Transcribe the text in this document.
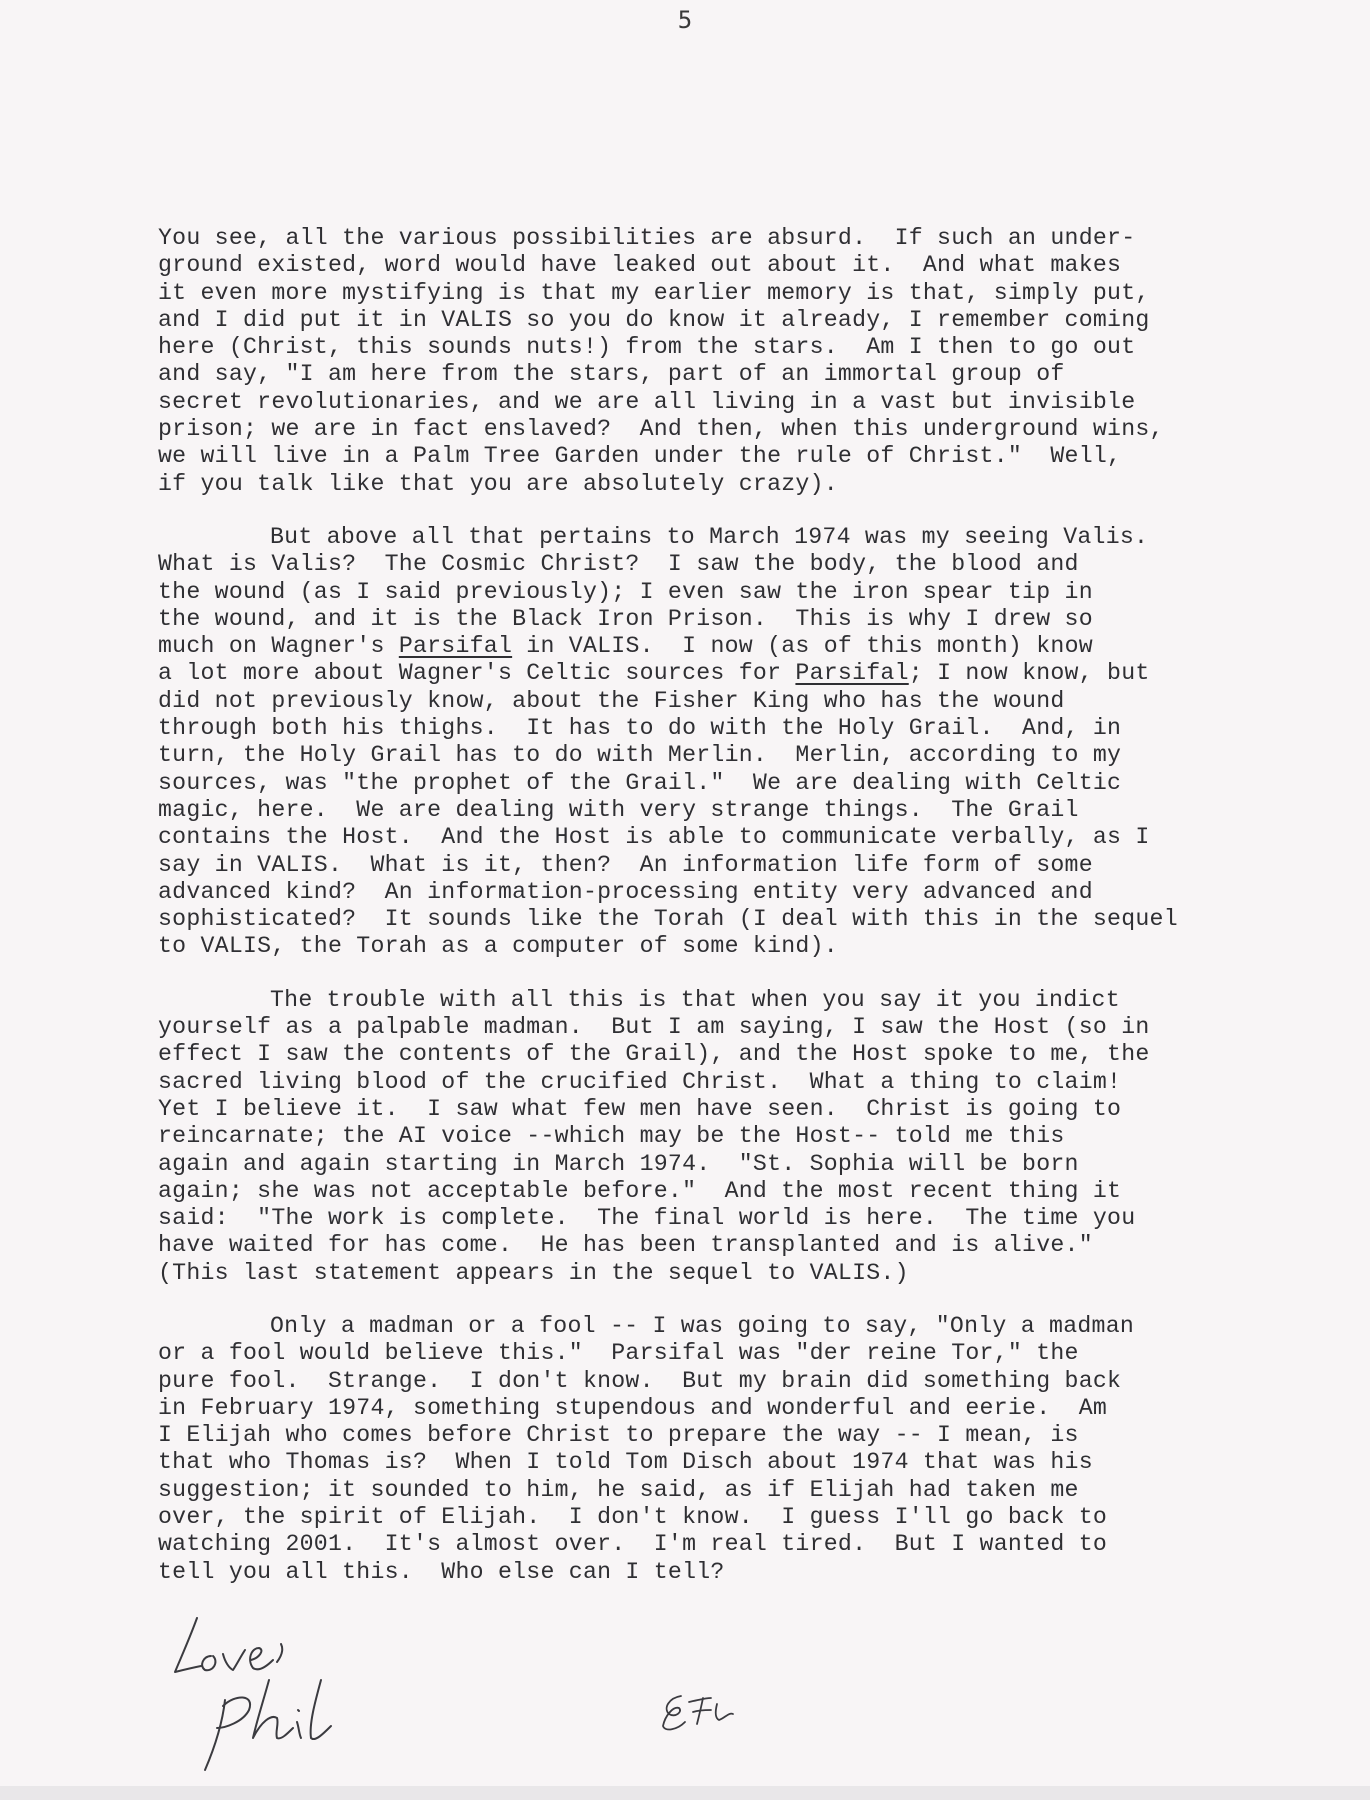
5
You see, all the various possibilities are absurd.  If such an under-
ground existed, word would have leaked out about it.  And what makes
it even more mystifying is that my earlier memory is that, simply put,
and I did put it in VALIS so you do know it already, I remember coming
here (Christ, this sounds nuts!) from the stars.  Am I then to go out
and say, "I am here from the stars, part of an immortal group of
secret revolutionaries, and we are all living in a vast but invisible
prison; we are in fact enslaved?  And then, when this underground wins,
we will live in a Palm Tree Garden under the rule of Christ."  Well,
if you talk like that you are absolutely crazy).
But above all that pertains to March 1974 was my seeing Valis.
What is Valis?  The Cosmic Christ?  I saw the body, the blood and
the wound (as I said previously); I even saw the iron spear tip in
the wound, and it is the Black Iron Prison.  This is why I drew so
much on Wagner's Parsifal in VALIS.  I now (as of this month) know
a lot more about Wagner's Celtic sources for Parsifal; I now know, but
did not previously know, about the Fisher King who has the wound
through both his thighs.  It has to do with the Holy Grail.  And, in
turn, the Holy Grail has to do with Merlin.  Merlin, according to my
sources, was "the prophet of the Grail."  We are dealing with Celtic
magic, here.  We are dealing with very strange things.  The Grail
contains the Host.  And the Host is able to communicate verbally, as I
say in VALIS.  What is it, then?  An information life form of some
advanced kind?  An information-processing entity very advanced and
sophisticated?  It sounds like the Torah (I deal with this in the sequel
to VALIS, the Torah as a computer of some kind).
The trouble with all this is that when you say it you indict
yourself as a palpable madman.  But I am saying, I saw the Host (so in
effect I saw the contents of the Grail), and the Host spoke to me, the
sacred living blood of the crucified Christ.  What a thing to claim!
Yet I believe it.  I saw what few men have seen.  Christ is going to
reincarnate; the AI voice --which may be the Host-- told me this
again and again starting in March 1974.  "St. Sophia will be born
again; she was not acceptable before."  And the most recent thing it
said:  "The work is complete.  The final world is here.  The time you
have waited for has come.  He has been transplanted and is alive."
(This last statement appears in the sequel to VALIS.)
Only a madman or a fool -- I was going to say, "Only a madman
or a fool would believe this."  Parsifal was "der reine Tor," the
pure fool.  Strange.  I don't know.  But my brain did something back
in February 1974, something stupendous and wonderful and eerie.  Am
I Elijah who comes before Christ to prepare the way -- I mean, is
that who Thomas is?  When I told Tom Disch about 1974 that was his
suggestion; it sounded to him, he said, as if Elijah had taken me
over, the spirit of Elijah.  I don't know.  I guess I'll go back to
watching 2001.  It's almost over.  I'm real tired.  But I wanted to
tell you all this.  Who else can I tell?
